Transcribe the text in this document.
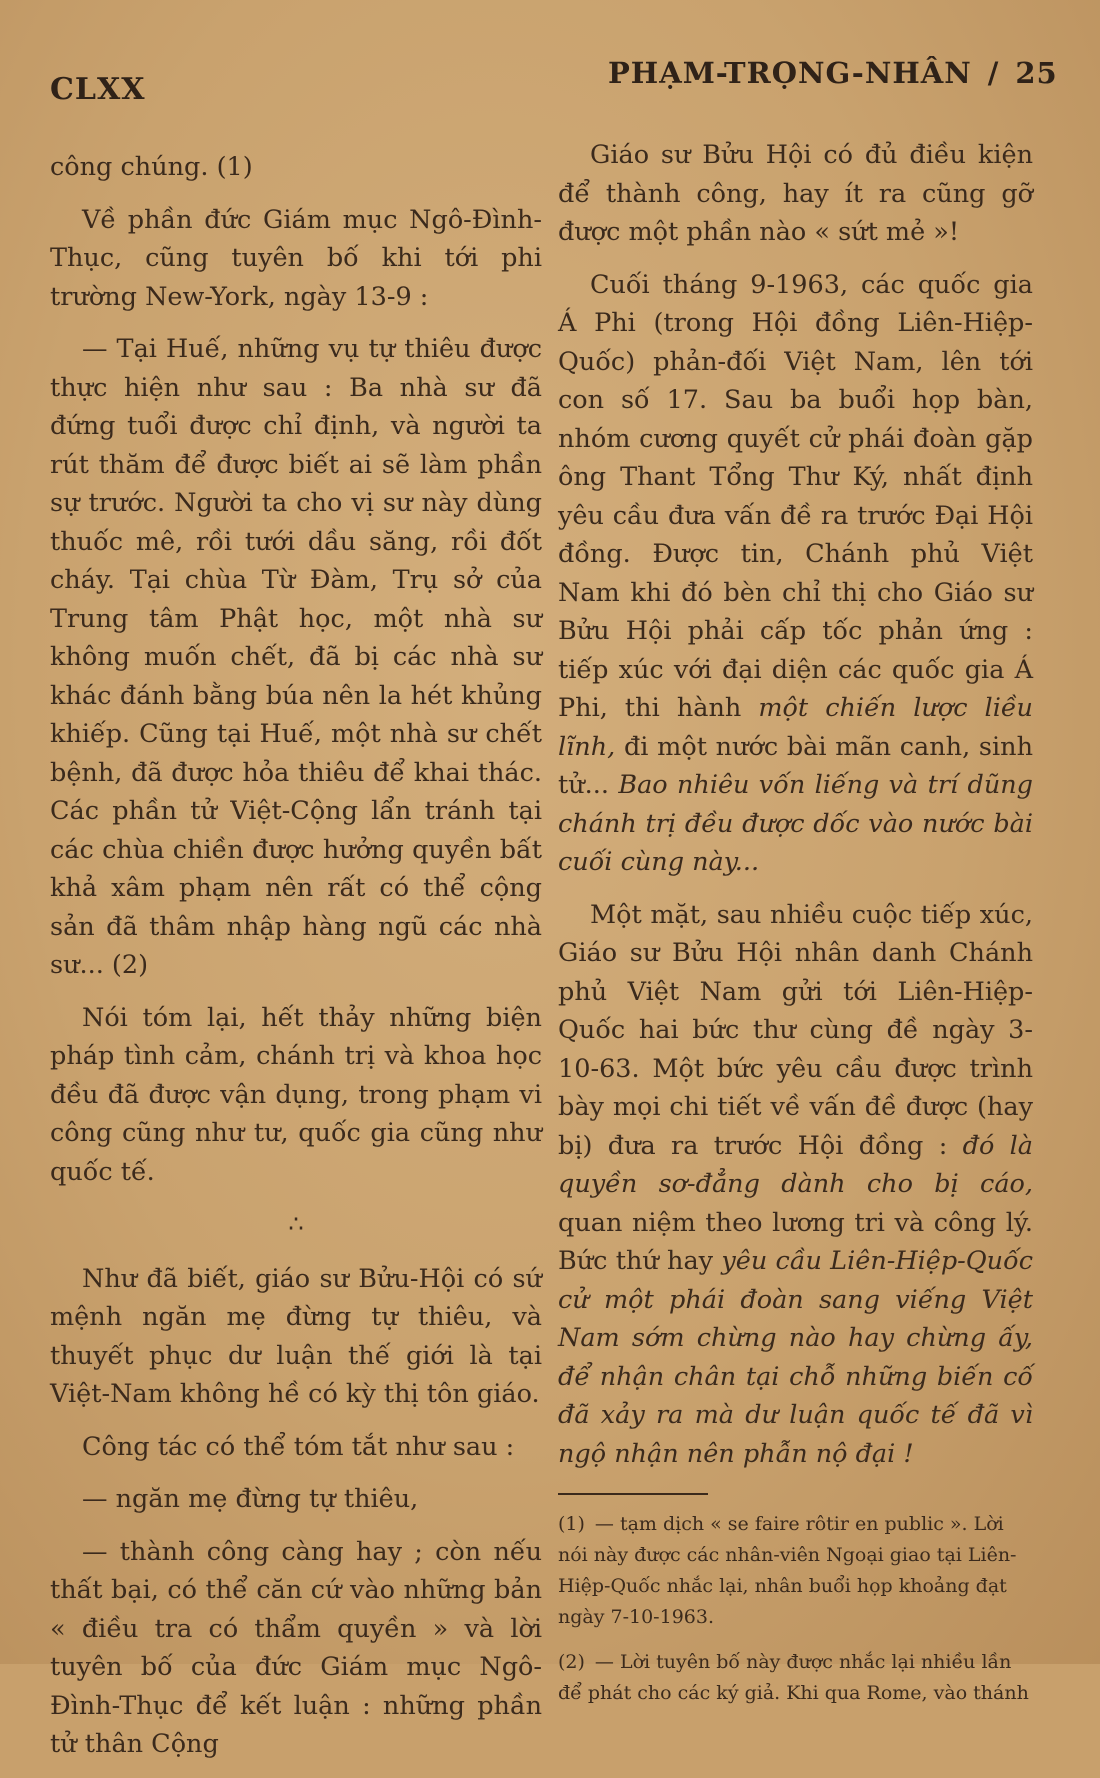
CLXX	PHẠM-TRỌNG-NHÂN / 25

công chúng. (1)

Về phần đức Giám mục Ngô-Đình-Thục, cũng tuyên bố khi tới phi trường New-York, ngày 13-9 :

— Tại Huế, những vụ tự thiêu được thực hiện như sau : Ba nhà sư đã đứng tuổi được chỉ định, và người ta rút thăm để được biết ai sẽ làm phần sự trước. Người ta cho vị sư này dùng thuốc mê, rồi tưới dầu săng, rồi đốt cháy. Tại chùa Từ Đàm, Trụ sở của Trung tâm Phật học, một nhà sư không muốn chết, đã bị các nhà sư khác đánh bằng búa nên la hét khủng khiếp. Cũng tại Huế, một nhà sư chết bệnh, đã được hỏa thiêu để khai thác. Các phần tử Việt-Cộng lẩn tránh tại các chùa chiền được hưởng quyền bất khả xâm phạm nên rất có thể cộng sản đã thâm nhập hàng ngũ các nhà sư... (2)

Nói tóm lại, hết thảy những biện pháp tình cảm, chánh trị và khoa học đều đã được vận dụng, trong phạm vi công cũng như tư, quốc gia cũng như quốc tế.

∴

Như đã biết, giáo sư Bửu-Hội có sứ mệnh ngăn mẹ đừng tự thiêu, và thuyết phục dư luận thế giới là tại Việt-Nam không hề có kỳ thị tôn giáo.

Công tác có thể tóm tắt như sau :

— ngăn mẹ đừng tự thiêu,

— thành công càng hay ; còn nếu thất bại, có thể căn cứ vào những bản « điều tra có thẩm quyền » và lời tuyên bố của đức Giám mục Ngô-Đình-Thục để kết luận : những phần tử thân Cộng

Giáo sư Bửu Hội có đủ điều kiện để thành công, hay ít ra cũng gỡ được một phần nào « sứt mẻ »!

Cuối tháng 9-1963, các quốc gia Á Phi (trong Hội đồng Liên-Hiệp-Quốc) phản-đối Việt Nam, lên tới con số 17. Sau ba buổi họp bàn, nhóm cương quyết cử phái đoàn gặp ông Thant Tổng Thư Ký, nhất định yêu cầu đưa vấn đề ra trước Đại Hội đồng. Được tin, Chánh phủ Việt Nam khi đó bèn chỉ thị cho Giáo sư Bửu Hội phải cấp tốc phản ứng : tiếp xúc với đại diện các quốc gia Á Phi, thi hành một chiến lược liều lĩnh, đi một nước bài mãn canh, sinh tử... Bao nhiêu vốn liếng và trí dũng chánh trị đều được dốc vào nước bài cuối cùng này...

Một mặt, sau nhiều cuộc tiếp xúc, Giáo sư Bửu Hội nhân danh Chánh phủ Việt Nam gửi tới Liên-Hiệp-Quốc hai bức thư cùng đề ngày 3-10-63. Một bức yêu cầu được trình bày mọi chi tiết về vấn đề được (hay bị) đưa ra trước Hội đồng : đó là quyền sơ-đẳng dành cho bị cáo, quan niệm theo lương tri và công lý. Bức thứ hay yêu cầu Liên-Hiệp-Quốc cử một phái đoàn sang viếng Việt Nam sớm chừng nào hay chừng ấy, để nhận chân tại chỗ những biến cố đã xảy ra mà dư luận quốc tế đã vì ngộ nhận nên phẫn nộ đại !

(1) — tạm dịch « se faire rôtir en public ». Lời nói này được các nhân-viên Ngoại giao tại Liên-Hiệp-Quốc nhắc lại, nhân buổi họp khoảng đạt ngày 7-10-1963.

(2) — Lời tuyên bố này được nhắc lại nhiều lần để phát cho các ký giả. Khi qua Rome, vào thánh
